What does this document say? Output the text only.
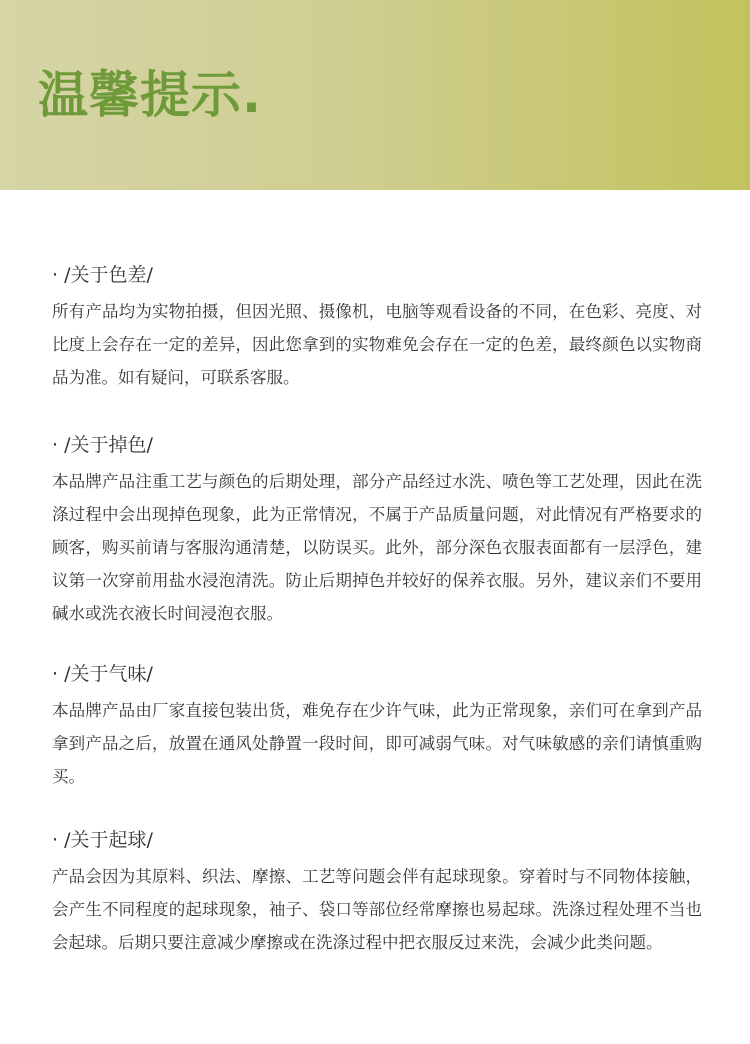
温馨提示.
· /关于色差/

所有产品均为实物拍摄，但因光照、摄像机，电脑等观看设备的不同，在色彩、亮度、对比度上会存在一定的差异，因此您拿到的实物难免会存在一定的色差，最终颜色以实物商品为准。如有疑问，可联系客服。

· /关于掉色/

本品牌产品注重工艺与颜色的后期处理，部分产品经过水洗、喷色等工艺处理，因此在洗涤过程中会出现掉色现象，此为正常情况，不属于产品质量问题，对此情况有严格要求的顾客，购买前请与客服沟通清楚，以防误买。此外，部分深色衣服表面都有一层浮色，建议第一次穿前用盐水浸泡清洗。防止后期掉色并较好的保养衣服。另外，建议亲们不要用碱水或洗衣液长时间浸泡衣服。

· /关于气味/

本品牌产品由厂家直接包装出货，难免存在少许气味，此为正常现象，亲们可在拿到产品拿到产品之后，放置在通风处静置一段时间，即可减弱气味。对气味敏感的亲们请慎重购买。

· /关于起球/

产品会因为其原料、织法、摩擦、工艺等问题会伴有起球现象。穿着时与不同物体接触，会产生不同程度的起球现象，袖子、袋口等部位经常摩擦也易起球。洗涤过程处理不当也会起球。后期只要注意减少摩擦或在洗涤过程中把衣服反过来洗，会减少此类问题。
